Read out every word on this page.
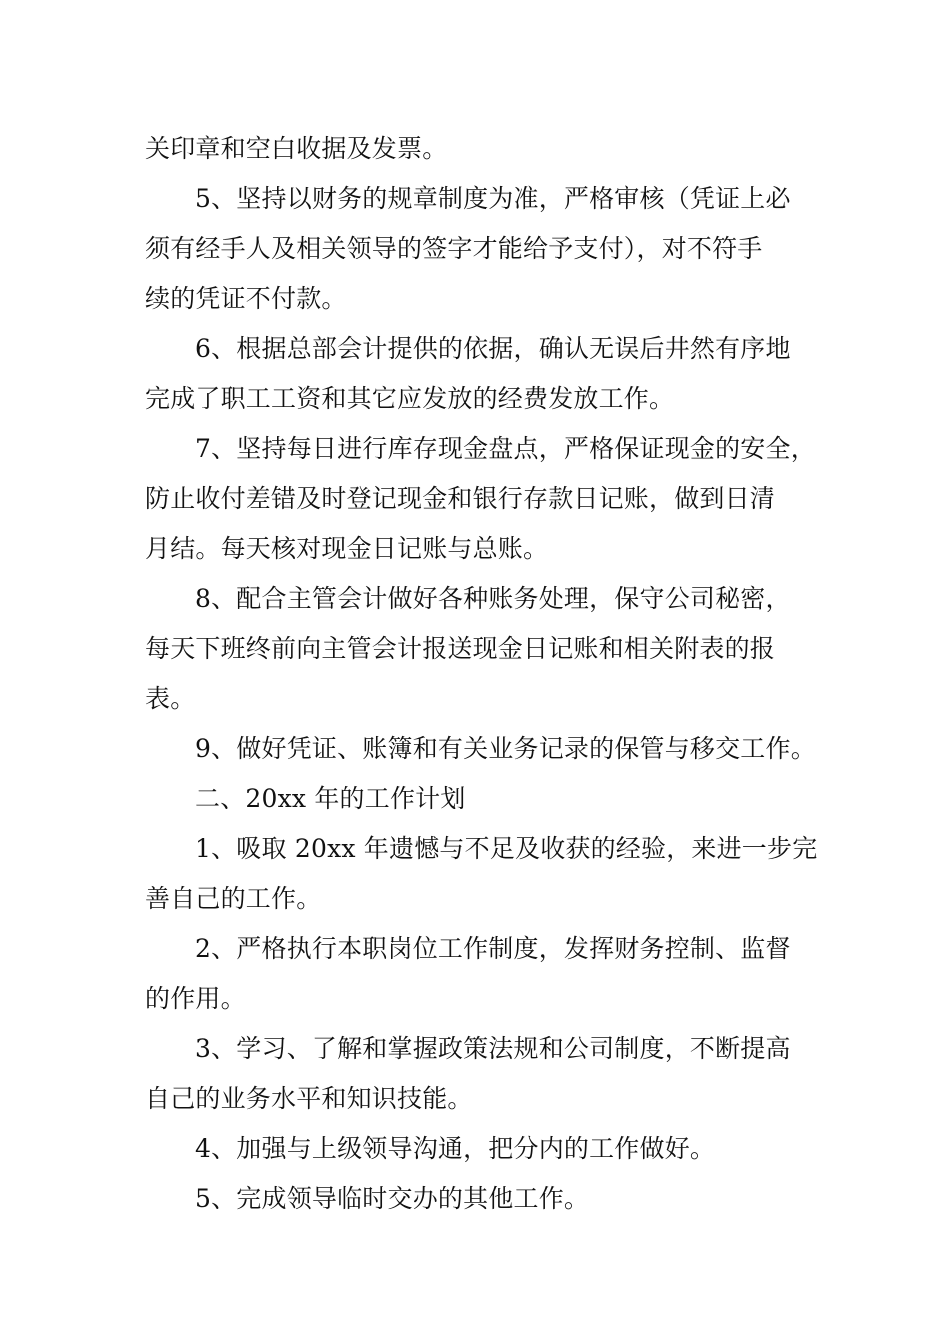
关印章和空白收据及发票。

5、坚持以财务的规章制度为准，严格审核（凭证上必

须有经手人及相关领导的签字才能给予支付），对不符手

续的凭证不付款。

6、根据总部会计提供的依据，确认无误后井然有序地

完成了职工工资和其它应发放的经费发放工作。

7、坚持每日进行库存现金盘点，严格保证现金的安全，

防止收付差错及时登记现金和银行存款日记账，做到日清

月结。每天核对现金日记账与总账。

8、配合主管会计做好各种账务处理，保守公司秘密，

每天下班终前向主管会计报送现金日记账和相关附表的报

表。

9、做好凭证、账簿和有关业务记录的保管与移交工作。

二、20xx 年的工作计划

1、吸取 20xx 年遗憾与不足及收获的经验，来进一步完

善自己的工作。

2、严格执行本职岗位工作制度，发挥财务控制、监督

的作用。

3、学习、了解和掌握政策法规和公司制度，不断提高

自己的业务水平和知识技能。

4、加强与上级领导沟通，把分内的工作做好。

5、完成领导临时交办的其他工作。
